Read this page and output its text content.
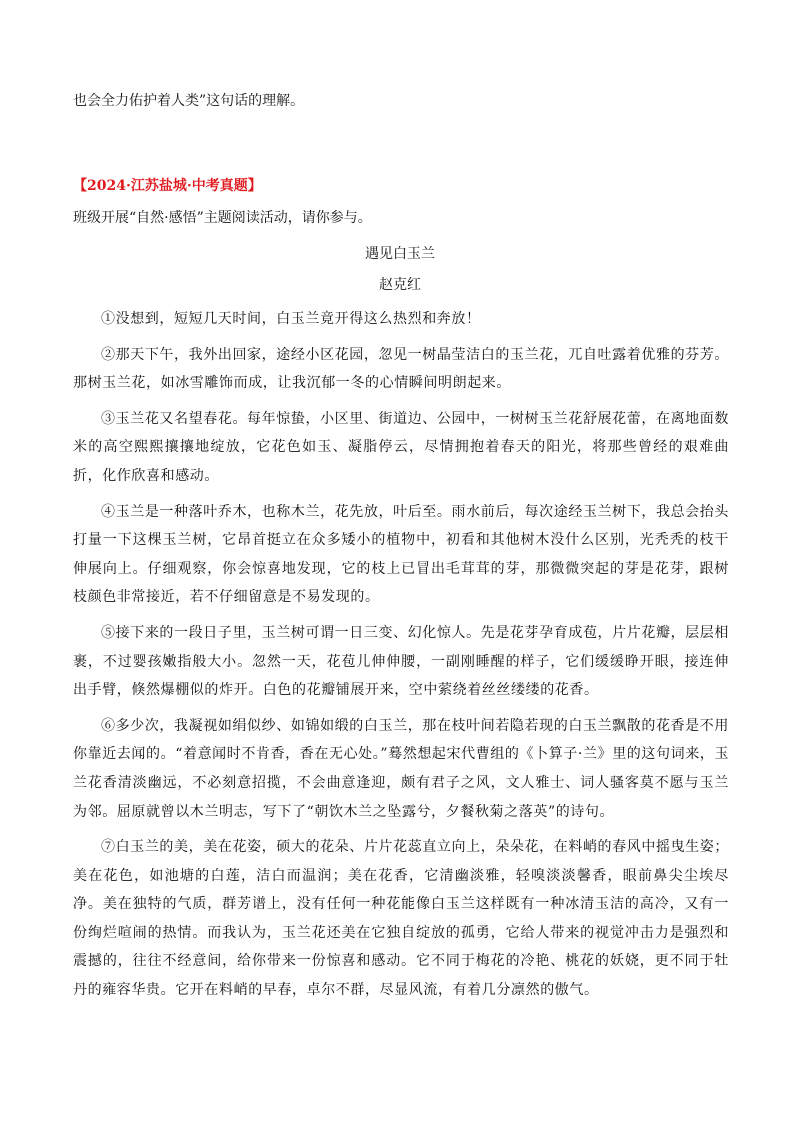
也会全力佑护着人类”这句话的理解。
【2024·江苏盐城·中考真题】
班级开展“自然·感悟”主题阅读活动，请你参与。
遇见白玉兰
赵克红

①没想到，短短几天时间，白玉兰竟开得这么热烈和奔放！

②那天下午，我外出回家，途经小区花园，忽见一树晶莹洁白的玉兰花，兀自吐露着优雅的芬芳。那树玉兰花，如冰雪雕饰而成，让我沉郁一冬的心情瞬间明朗起来。

③玉兰花又名望春花。每年惊蛰，小区里、街道边、公园中，一树树玉兰花舒展花蕾，在离地面数米的高空熙熙攘攘地绽放，它花色如玉、凝脂停云，尽情拥抱着春天的阳光，将那些曾经的艰难曲折，化作欣喜和感动。

④玉兰是一种落叶乔木，也称木兰，花先放，叶后至。雨水前后，每次途经玉兰树下，我总会抬头打量一下这棵玉兰树，它昂首挺立在众多矮小的植物中，初看和其他树木没什么区别，光秃秃的枝干伸展向上。仔细观察，你会惊喜地发现，它的枝上已冒出毛茸茸的芽，那微微突起的芽是花芽，跟树枝颜色非常接近，若不仔细留意是不易发现的。

⑤接下来的一段日子里，玉兰树可谓一日三变、幻化惊人。先是花芽孕育成苞，片片花瓣，层层相裹，不过婴孩嫩指般大小。忽然一天，花苞儿伸伸腰，一副刚睡醒的样子，它们缓缓睁开眼，接连伸出手臂，倏然爆棚似的炸开。白色的花瓣铺展开来，空中萦绕着丝丝缕缕的花香。

⑥多少次，我凝视如绢似纱、如锦如缎的白玉兰，那在枝叶间若隐若现的白玉兰飘散的花香是不用你靠近去闻的。“着意闻时不肯香，香在无心处。”蓦然想起宋代曹组的《卜算子·兰》里的这句词来，玉兰花香清淡幽远，不必刻意招揽，不会曲意逢迎，颇有君子之风，文人雅士、词人骚客莫不愿与玉兰为邻。屈原就曾以木兰明志，写下了“朝饮木兰之坠露兮，夕餐秋菊之落英”的诗句。

⑦白玉兰的美，美在花姿，硕大的花朵、片片花蕊直立向上，朵朵花，在料峭的春风中摇曳生姿；美在花色，如池塘的白莲，洁白而温润；美在花香，它清幽淡雅，轻嗅淡淡馨香，眼前鼻尖尘埃尽净。美在独特的气质，群芳谱上，没有任何一种花能像白玉兰这样既有一种冰清玉洁的高冷，又有一份绚烂喧闹的热情。而我认为，玉兰花还美在它独自绽放的孤勇，它给人带来的视觉冲击力是强烈和震撼的，往往不经意间，给你带来一份惊喜和感动。它不同于梅花的冷艳、桃花的妖娆，更不同于牡丹的雍容华贵。它开在料峭的早春，卓尔不群，尽显风流，有着几分凛然的傲气。
